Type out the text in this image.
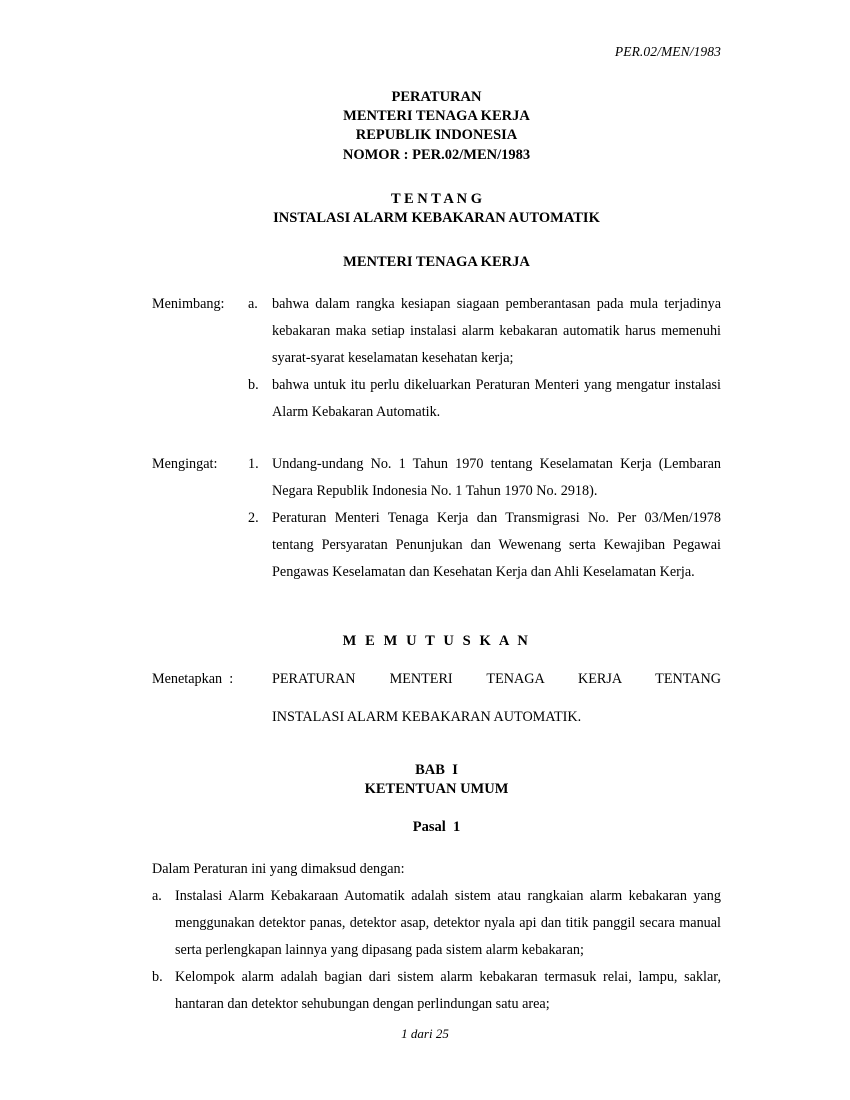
PER.02/MEN/1983
PERATURAN
MENTERI TENAGA KERJA
REPUBLIK INDONESIA
NOMOR : PER.02/MEN/1983
T E N T A N G
INSTALASI ALARM KEBAKARAN AUTOMATIK
MENTERI TENAGA KERJA
Menimbang:	a. bahwa dalam rangka kesiapan siagaan pemberantasan pada mula terjadinya kebakaran maka setiap instalasi alarm kebakaran automatik harus memenuhi syarat-syarat keselamatan kesehatan kerja;
b. bahwa untuk itu perlu dikeluarkan Peraturan Menteri yang mengatur instalasi Alarm Kebakaran Automatik.
Mengingat:	1. Undang-undang No. 1 Tahun 1970 tentang Keselamatan Kerja (Lembaran Negara Republik Indonesia No. 1 Tahun 1970 No. 2918).
2. Peraturan Menteri Tenaga Kerja dan Transmigrasi No. Per 03/Men/1978 tentang Persyaratan Penunjukan dan Wewenang serta Kewajiban Pegawai Pengawas Keselamatan dan Kesehatan Kerja dan Ahli Keselamatan Kerja.
M E M U T U S K A N
Menetapkan  :	PERATURAN MENTERI TENAGA KERJA TENTANG
INSTALASI ALARM KEBAKARAN AUTOMATIK.
BAB  I
KETENTUAN UMUM
Pasal  1
Dalam Peraturan ini yang dimaksud dengan:
a. Instalasi Alarm Kebakaraan Automatik adalah sistem atau rangkaian alarm kebakaran yang menggunakan detektor panas, detektor asap, detektor nyala api dan titik panggil secara manual serta perlengkapan lainnya yang dipasang pada sistem alarm kebakaran;
b. Kelompok alarm adalah bagian dari sistem alarm kebakaran termasuk relai, lampu, saklar, hantaran dan detektor sehubungan dengan perlindungan satu area;
1 dari 25
